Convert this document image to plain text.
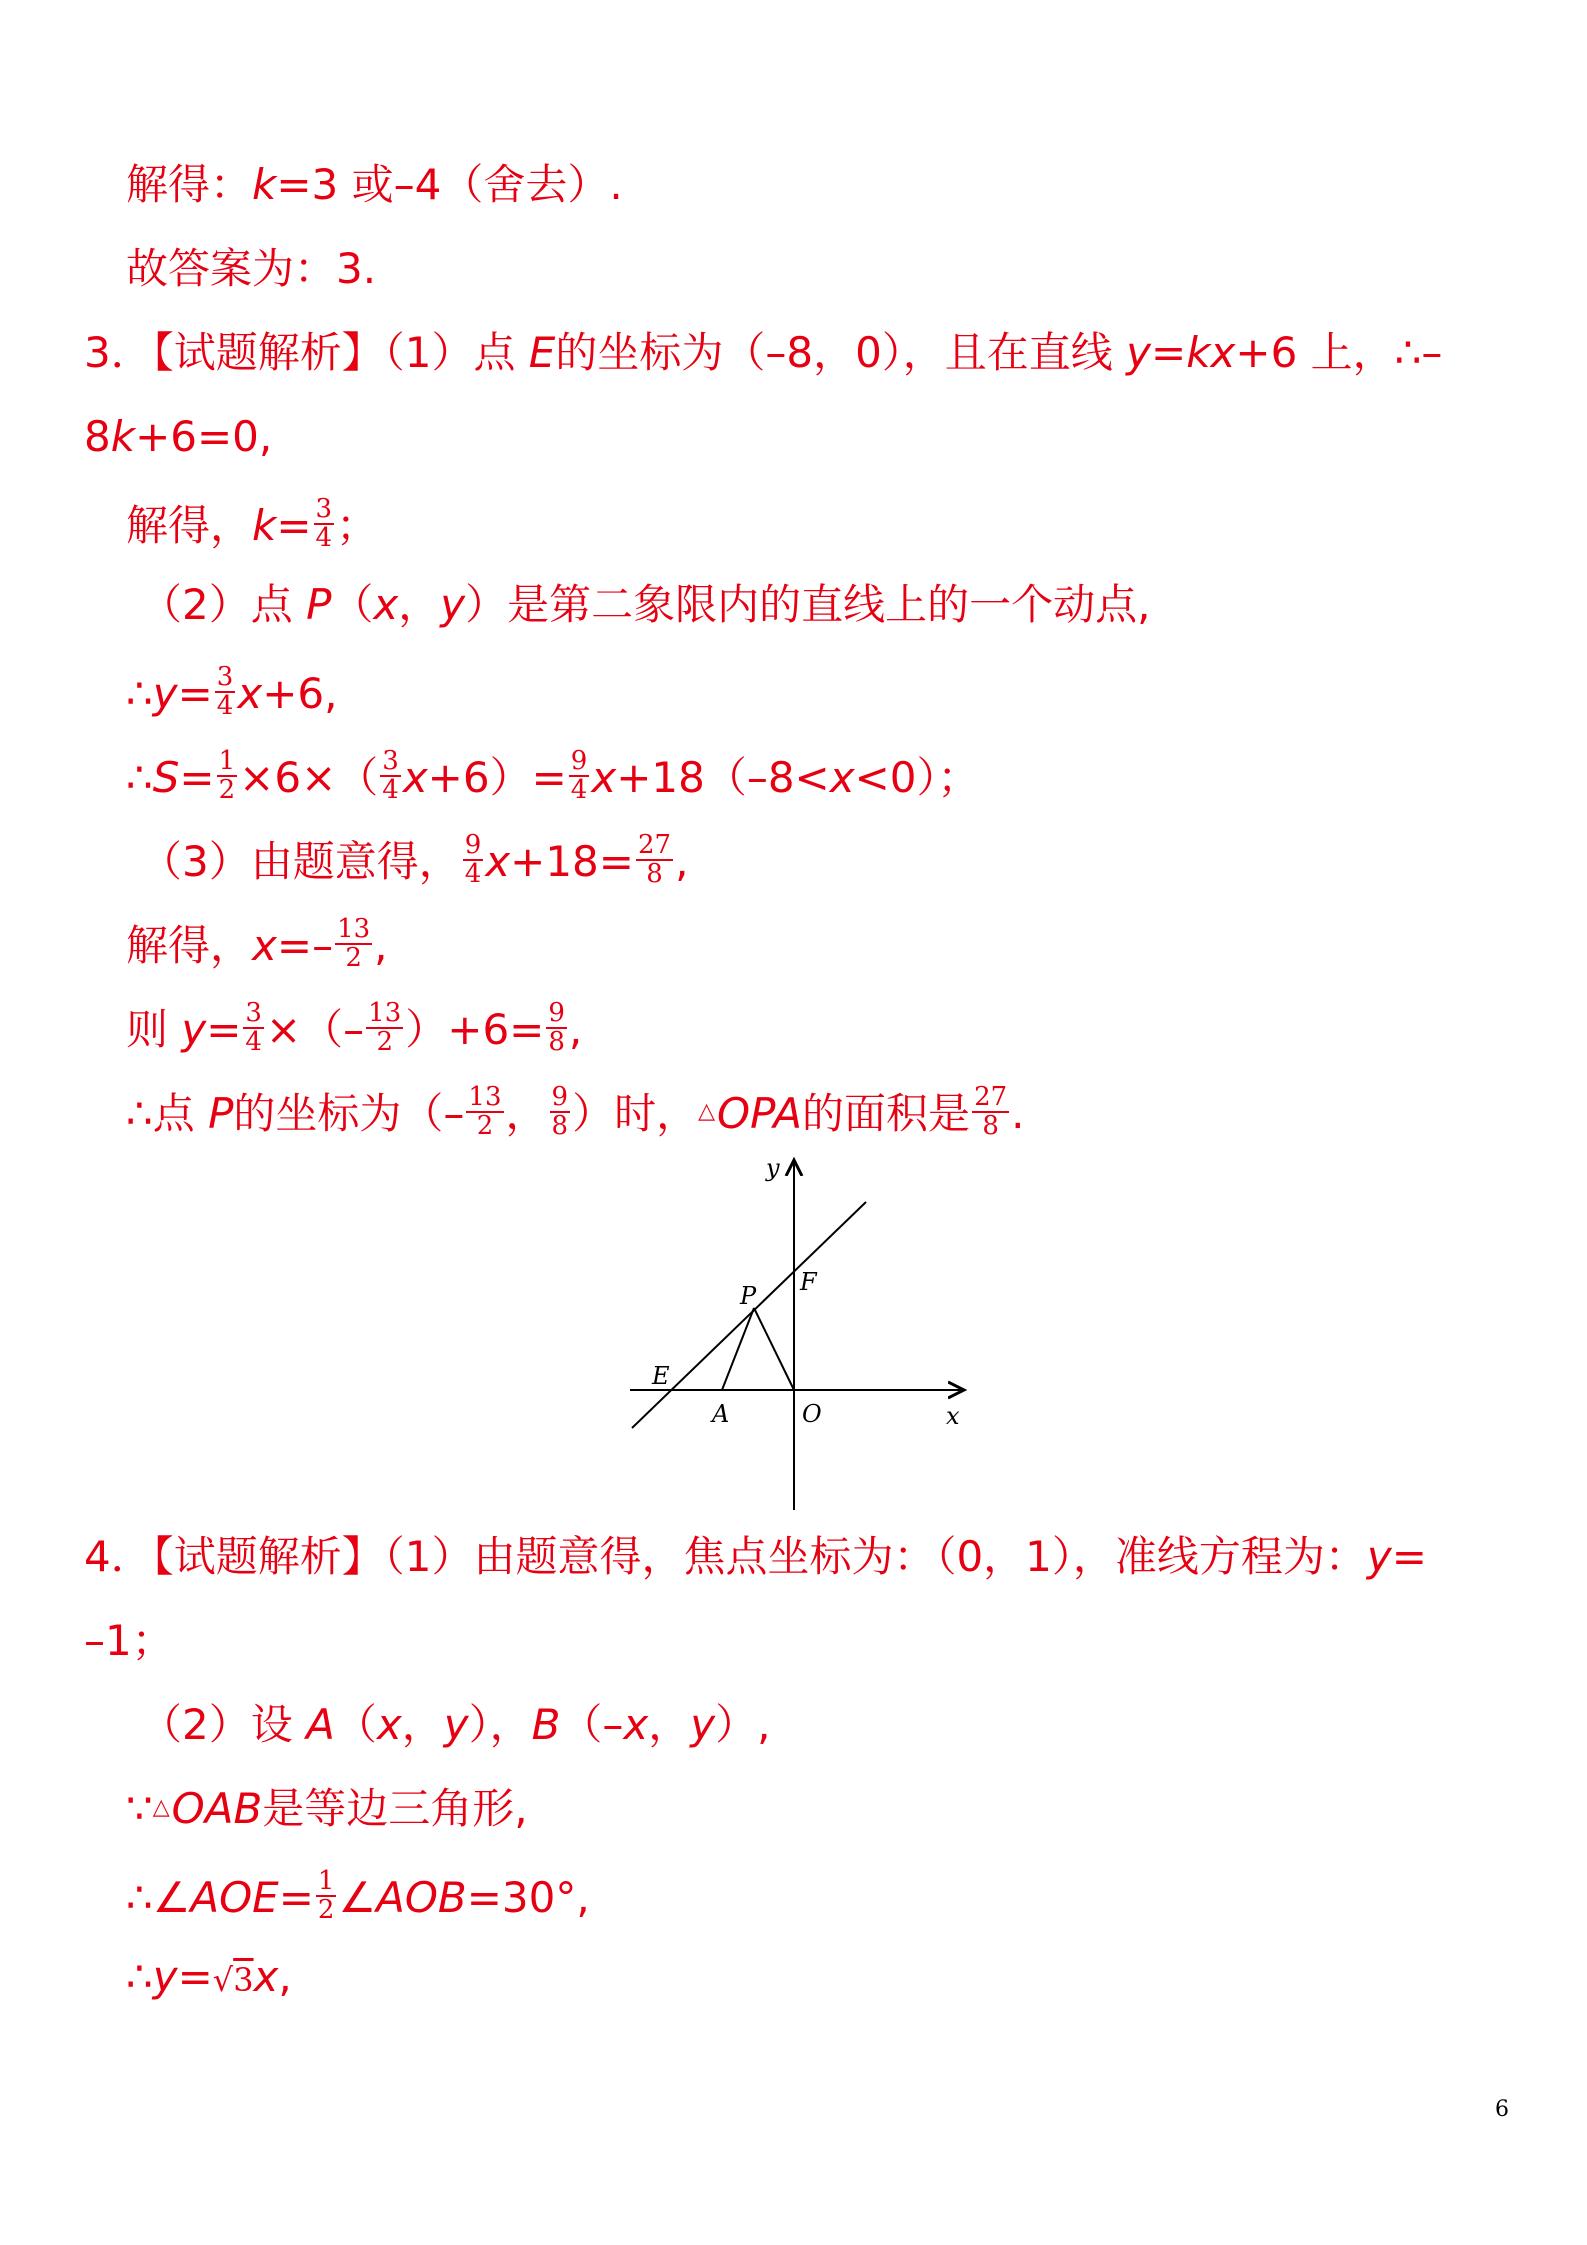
解得：k=3 或–4（舍去）.
故答案为：3.
3．【试题解析】（1）点 E的坐标为（–8，0），且在直线 y=kx+6 上，∴–
8k+6=0,
解得，$k= \frac{3}{4}$ ；
（2）点 P（x，y）是第二象限内的直线上的一个动点,
∴y= $\frac{3}{4} x+6$,
∴S= $\frac{1}{2} \times 6\times( \frac{3}{4} x+6)= \frac{9}{4} x+18(-8<x<0)$；
（3）由题意得， $\frac{9}{4} x+18= \frac{27}{8}$ ,
解得，$x=- \frac{13}{2}$ ,
则 $y= \frac{3}{4}$ ×（– $\frac{13}{2} )+6= \frac{9}{8}$ ,
∴点 P的坐标为（– $\frac{13}{2}$ ， $\frac{9}{8}$ ）时，△OPA的面积是 $\frac{27}{8}$ .
y
x
F
P
E
A	O
4．【试题解析】（1）由题意得，焦点坐标为：（0，1），准线方程为：y=
–1；
（2）设 A（x，y），B（–x，y）,
∵△OAB是等边三角形,
∴∠AOE= $\frac{1}{2}$ ∠AOB=30°,
∴y=√3x,
6
